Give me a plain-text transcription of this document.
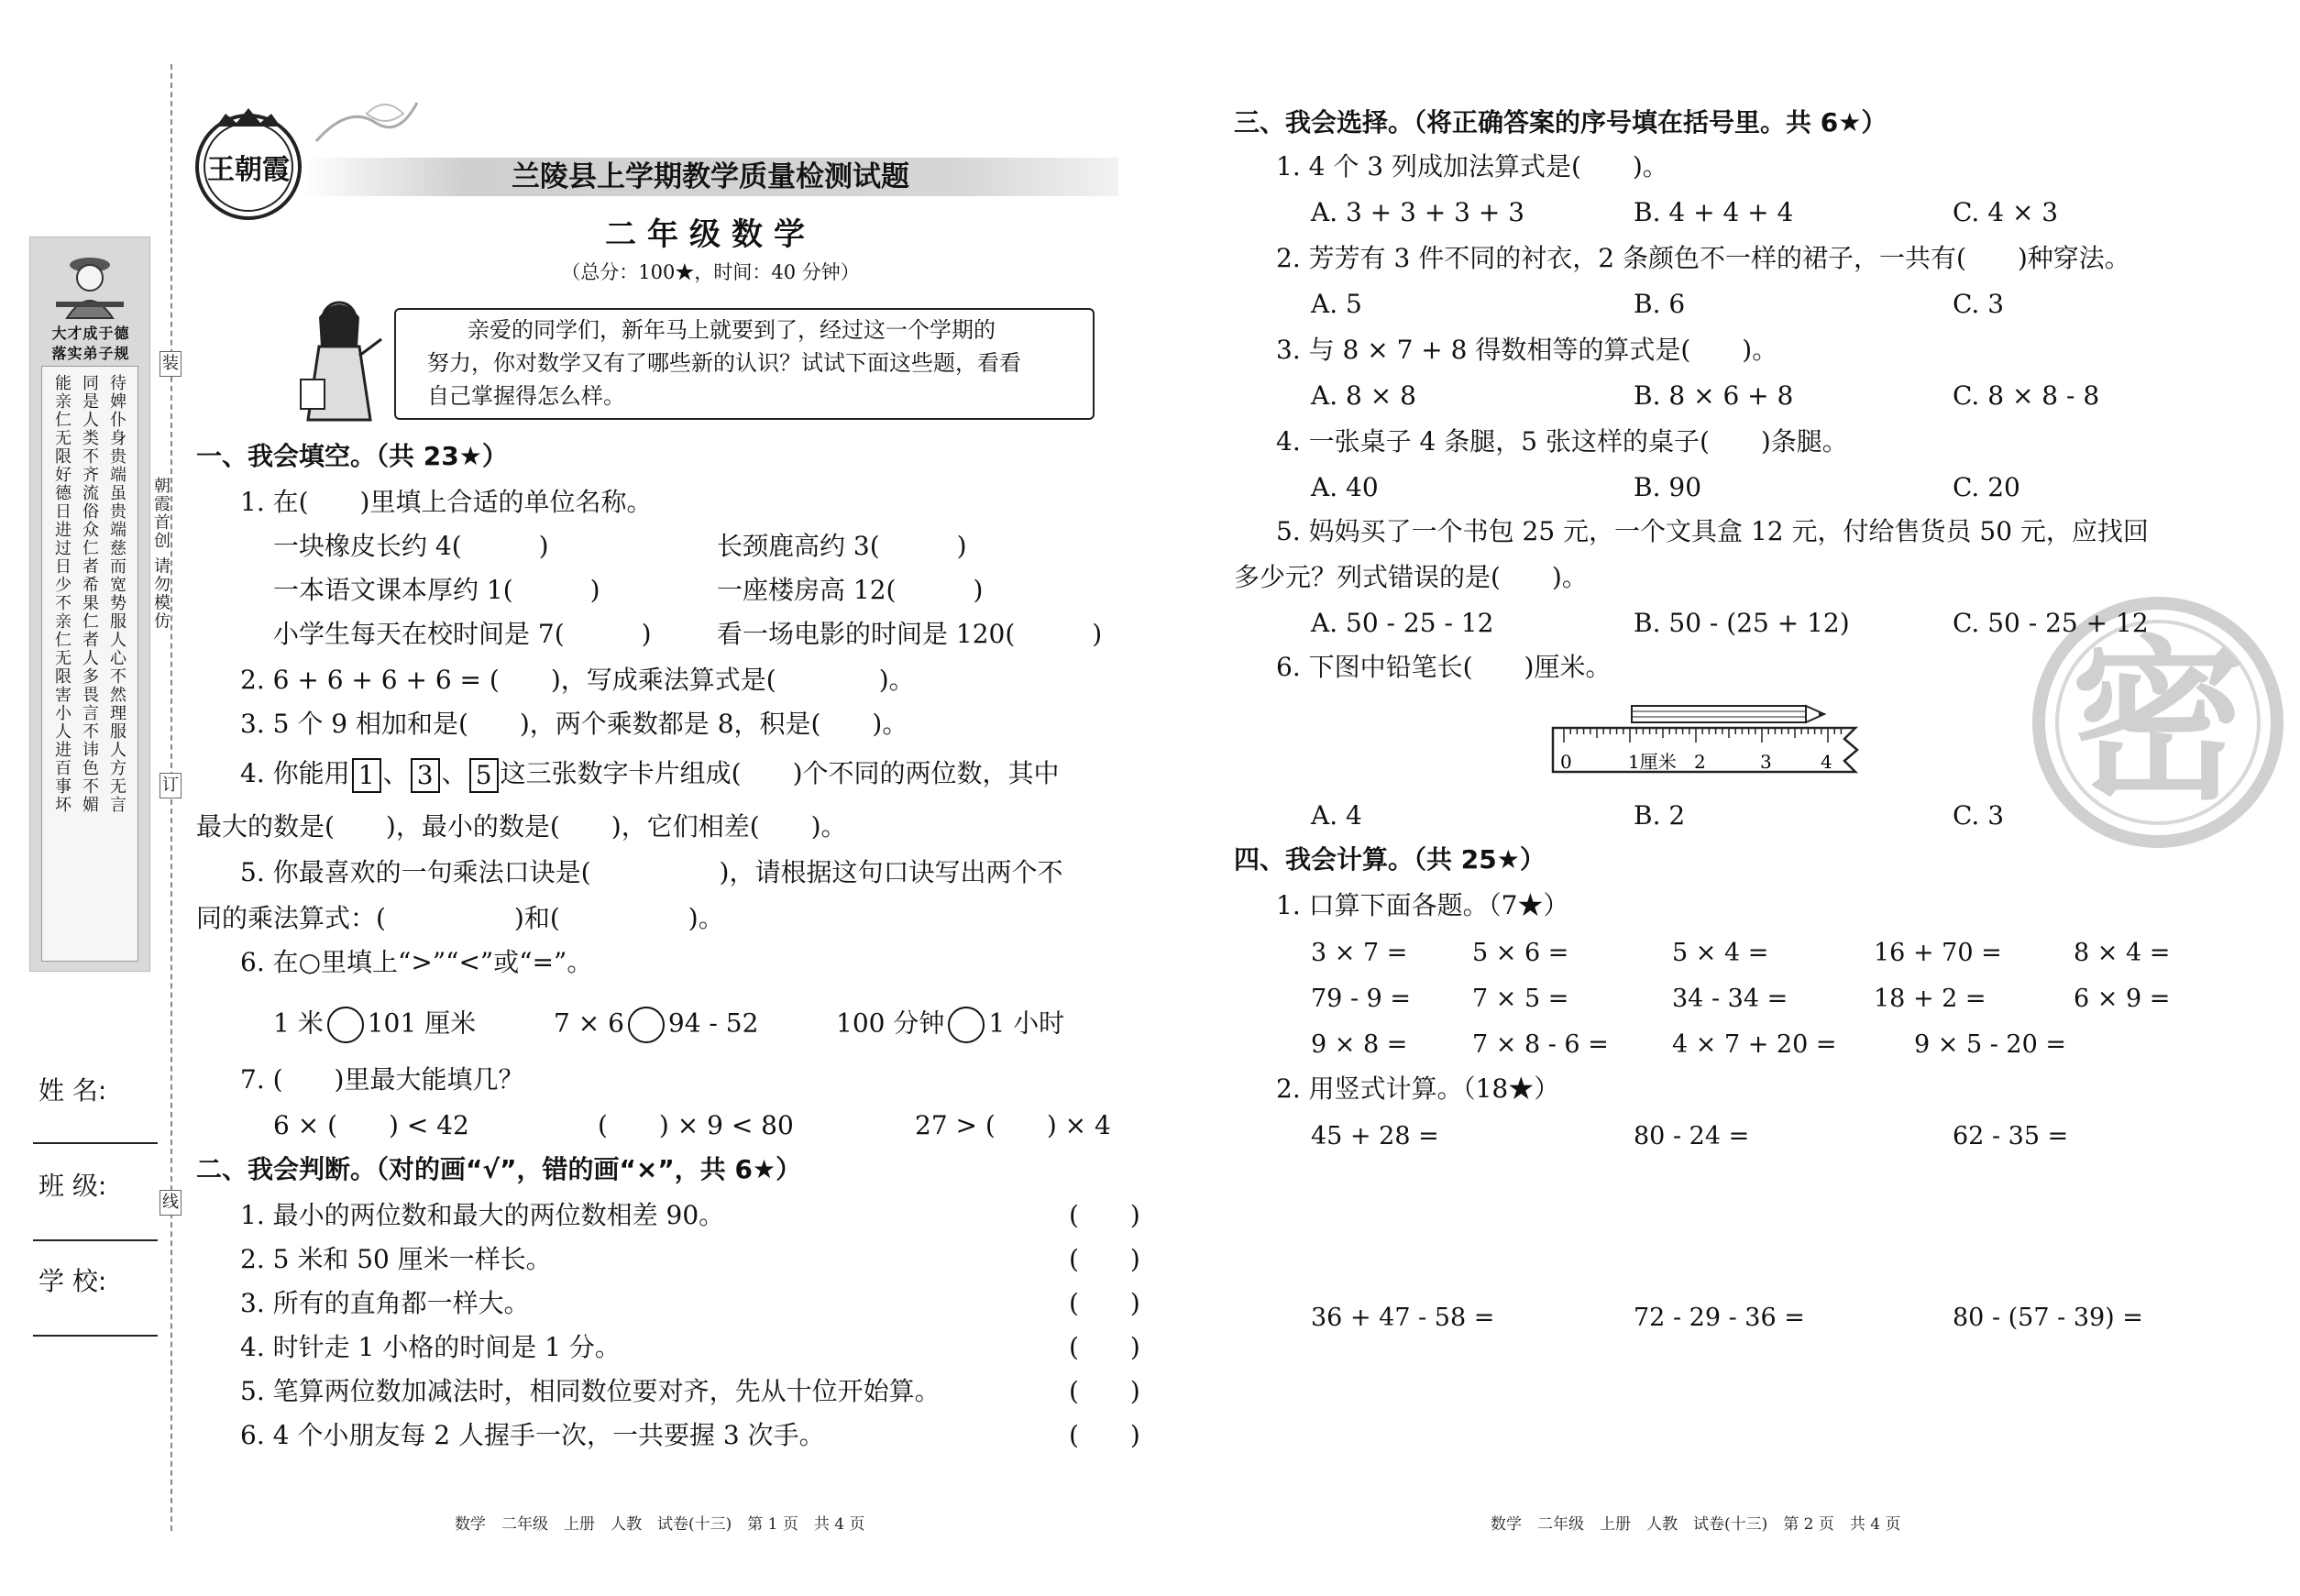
大才成于德
落实弟子规
待婢仆身贵端虽贵端慈而宽势服人心不然理服人方无言
同是人类不齐流俗众仁者希果仁者人多畏言不讳色不媚
能亲仁无限好德日进过日少不亲仁无限害小人进百事坏
装
订
线
朝霞首创 请勿模仿
姓 名:
班 级:
学 校:
王朝霞	兰陵县上学期教学质量检测试题
二年级数学
（总分：100★，时间：40 分钟）
亲爱的同学们，新年马上就要到了，经过这一个学期的
努力，你对数学又有了哪些新的认识？试试下面这些题，看看
自己掌握得怎么样。
一、我会填空。（共 23★）
1. 在(　　)里填上合适的单位名称。
一块橡皮长约 4(　　　)	长颈鹿高约 3(　　　)
一本语文课本厚约 1(　　　)	一座楼房高 12(　　　)
小学生每天在校时间是 7(　　　)	看一场电影的时间是 120(　　　)
2. 6 + 6 + 6 + 6 = (　　)，写成乘法算式是(　　　　)。
3. 5 个 9 相加和是(　　)，两个乘数都是 8，积是(　　)。
4. 你能用 1 、 3 、 5 这三张数字卡片组成(　　)个不同的两位数，其中
最大的数是(　　)，最小的数是(　　)，它们相差(　　)。
5. 你最喜欢的一句乘法口诀是(　　　　　)，请根据这句口诀写出两个不
同的乘法算式：(　　　　　)和(　　　　　)。
6. 在○里填上“>”“<”或“=”。
1 米 101 厘米	7 × 6 94 - 52	100 分钟 1 小时
7. (　　)里最大能填几？
6 × (　　) < 42	(　　) × 9 < 80	27 > (　　) × 4
二、我会判断。（对的画“√”，错的画“×”，共 6★）
1. 最小的两位数和最大的两位数相差 90。	(　　)
2. 5 米和 50 厘米一样长。	(　　)
3. 所有的直角都一样大。	(　　)
4. 时针走 1 小格的时间是 1 分。	(　　)
5. 笔算两位数加减法时，相同数位要对齐，先从十位开始算。	(　　)
6. 4 个小朋友每 2 人握手一次，一共要握 3 次手。	(　　)
数学　二年级　上册　人教　试卷(十三)　第 1 页　共 4 页
密
三、我会选择。（将正确答案的序号填在括号里。共 6★）
1. 4 个 3 列成加法算式是(　　)。
A. 3 + 3 + 3 + 3	B. 4 + 4 + 4	C. 4 × 3
2. 芳芳有 3 件不同的衬衣，2 条颜色不一样的裙子，一共有(　　)种穿法。
A. 5	B. 6	C. 3
3. 与 8 × 7 + 8 得数相等的算式是(　　)。
A. 8 × 8	B. 8 × 6 + 8	C. 8 × 8 - 8
4. 一张桌子 4 条腿，5 张这样的桌子(　　)条腿。
A. 40	B. 90	C. 20
5. 妈妈买了一个书包 25 元，一个文具盒 12 元，付给售货员 50 元，应找回
多少元？列式错误的是(　　)。
A. 50 - 25 - 12	B. 50 - (25 + 12)	C. 50 - 25 + 12
6. 下图中铅笔长(　　)厘米。
0	1厘米 2	3	4
A. 4	B. 2	C. 3
四、我会计算。（共 25★）
1. 口算下面各题。（7★）
3 × 7 =	5 × 6 =	5 × 4 =	16 + 70 =	8 × 4 =
79 - 9 = 7 × 5 =	34 - 34 =	18 + 2 =	6 × 9 =
9 × 8 =	7 × 8 - 6 =	4 × 7 + 20 =	9 × 5 - 20 =
2. 用竖式计算。（18★）
45 + 28 =	80 - 24 =	62 - 35 =
36 + 47 - 58 =	72 - 29 - 36 =	80 - (57 - 39) =
数学　二年级　上册　人教　试卷(十三)　第 2 页　共 4 页
